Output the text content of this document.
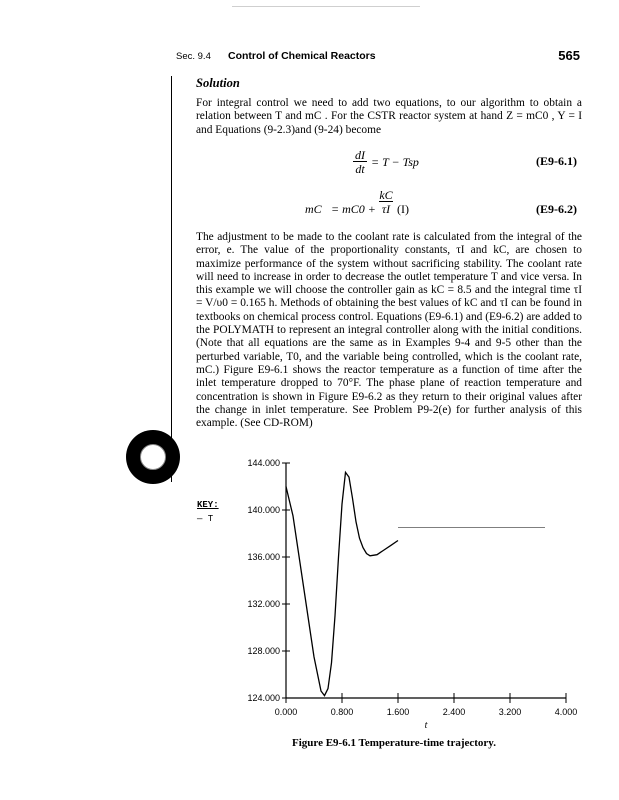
Sec. 9.4 Control of Chemical Reactors	565
Solution

For integral control we need to add two equations, to our algorithm to obtain a relation between T and mC . For the CSTR reactor system at hand Z = mC0 , Y = I and Equations (9-2.3)and (9-24) become

dI
dt = T − Tsp	(E9-6.1)
mC = mC0 +
kC
τI (I)	(E9-6.2)

The adjustment to be made to the coolant rate is calculated from the integral of the error, e. The value of the proportionality constants, τI and kC, are chosen to maximize performance of the system without sacrificing stability. The coolant rate will need to increase in order to decrease the outlet temperature T and vice versa. In this example we will choose the controller gain as kC = 8.5 and the integral time τI = V/υ0 = 0.165 h. Methods of obtaining the best values of kC and τI can be found in textbooks on chemical process control. Equations (E9-6.1) and (E9-6.2) are added to the POLYMATH to represent an integral controller along with the initial conditions. (Note that all equations are the same as in Examples 9-4 and 9-5 other than the perturbed variable, T0, and the variable being controlled, which is the coolant rate, mC.) Figure E9-6.1 shows the reactor temperature as a function of time after the inlet temperature dropped to 70°F. The phase plane of reaction temperature and concentration is shown in Figure E9-6.2 as they return to their original values after the change in inlet temperature. See Problem P9-2(e) for further analysis of this example. (See CD-ROM)

KEY:
— T
0.000	0.800	1.600	2.400	3.200	4.000
124.000
128.000
132.000
136.000
140.000
144.000
t
Figure E9-6.1 Temperature-time trajectory.
